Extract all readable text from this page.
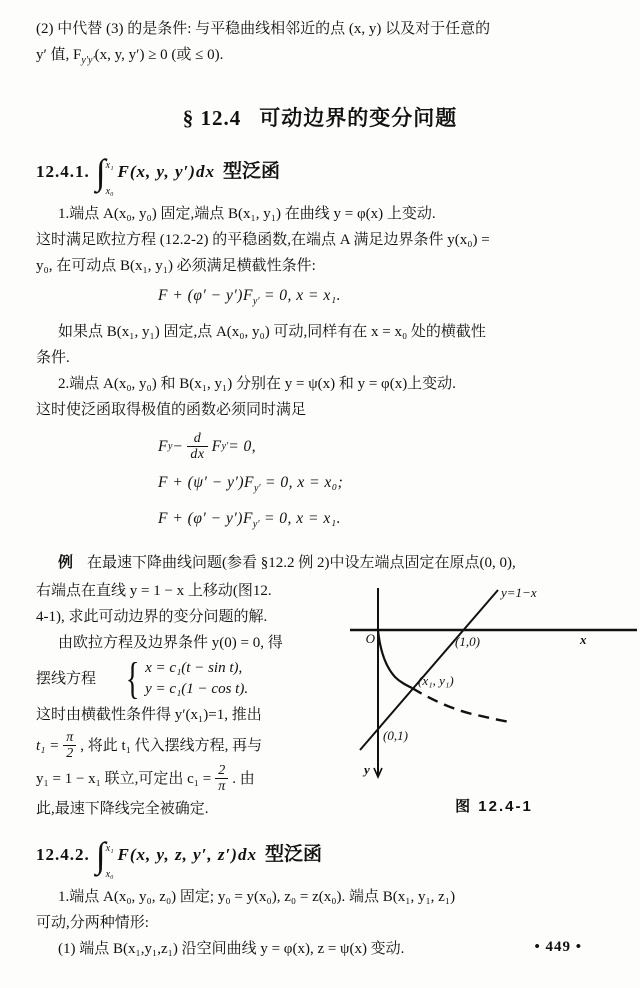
(2) 中代替 (3) 的是条件: 与平稳曲线相邻近的点 (x, y) 以及对于任意的
y′ 值, $F_{y'y'}(x$, y, y′) ≥ 0 (或 ≤ 0).
§ 12.4 可动边界的变分问题
12.4.1. ∫ x₁
x₀
F(x, y, y′)dx 型泛函
1.端点 A(x₀, y₀) 固定,端点 B(x₁, y₁) 在曲线 y = φ(x) 上变动.
这时满足欧拉方程 (12.2-2) 的平稳函数,在端点 A 满足边界条件 y(x₀) =
y₀, 在可动点 B(x₁, y₁) 必须满足横截性条件:
$F + (\varphi' - y')F_{y'} = 0$, x = x₁.
如果点 B(x₁, y₁) 固定,点 A(x₀, y₀) 可动,同样有在 x = x₀ 处的横截性
条件.
2.端点 A(x₀, y₀) 和 B(x₁, y₁) 分别在 y = ψ(x) 和 y = φ(x)上变动.
这时使泛函取得极值的函数必须同时满足
F $y - \frac{d}{dx}$ F y′ = 0,
$F + (\psi' - y')F_{y'} = 0$, x = x₀;
$F + (\varphi' - y')F_{y'} = 0$, x = x₁.
例 在最速下降曲线问题(参看 §12.2 例 2)中设左端点固定在原点(0, 0),
右端点在直线 y = 1 − x 上移动(图12.
4-1), 求此可动边界的变分问题的解.
由欧拉方程及边界条件 y(0) = 0, 得
摆线方程 { x = c₁(t − sin t),
y = c₁(1 − cos t).
这时由横截性条件得 y′(x₁)=1, 推出
$t_1 = \frac{\pi}{2}$ , 将此 t₁ 代入摆线方程, 再与
y₁ = 1 − x₁ 联立,可定出 $c_1 = \frac{2}{\pi}$ . 由
此,最速下降线完全被确定.
O	x
y
y=1−x
(1,0)
(x₁, y₁)
(0,1)
图 12.4-1
12.4.2. ∫ x₁
x₀
F(x, y, z, y′, z′)dx 型泛函
1.端点 A(x₀, y₀, z₀) 固定; y₀ = y(x₀), z₀ = z(x₀). 端点 B(x₁, y₁, z₁)
可动,分两种情形:
(1) 端点 B(x₁,y₁,z₁) 沿空间曲线 y = φ(x), z = ψ(x) 变动.	• 449 •
